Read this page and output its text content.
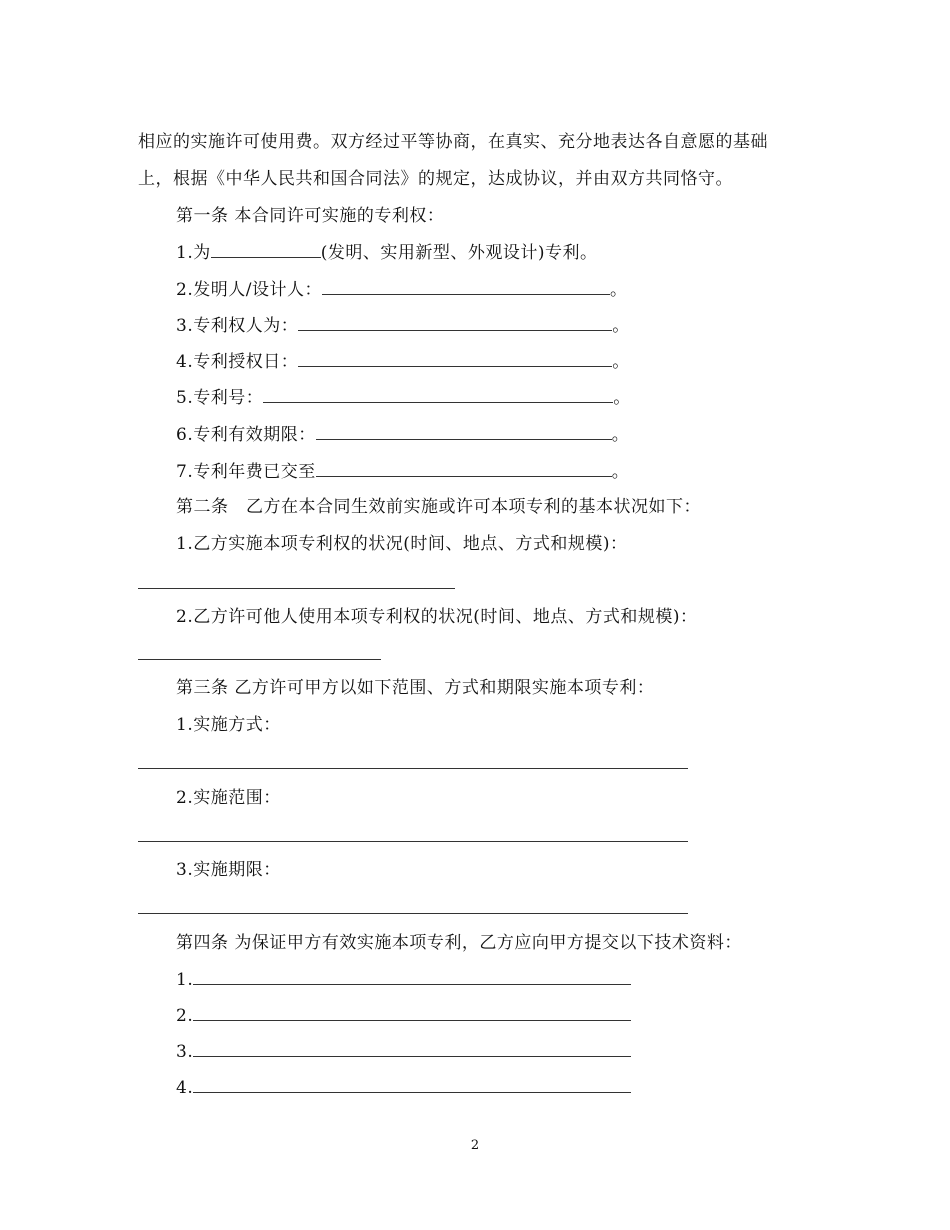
相应的实施许可使用费。双方经过平等协商，在真实、充分地表达各自意愿的基础
上，根据《中华人民共和国合同法》的规定，达成协议，并由双方共同恪守。
第一条 本合同许可实施的专利权：
1.为	(发明、实用新型、外观设计)专利。
2.发明人/设计人：	。
3.专利权人为：	。
4.专利授权日：	。
5.专利号：	。
6.专利有效期限：	。
7.专利年费已交至	。
第二条　乙方在本合同生效前实施或许可本项专利的基本状况如下：
1.乙方实施本项专利权的状况(时间、地点、方式和规模)：
2.乙方许可他人使用本项专利权的状况(时间、地点、方式和规模)：
第三条 乙方许可甲方以如下范围、方式和期限实施本项专利：
1.实施方式：
2.实施范围：
3.实施期限：
第四条 为保证甲方有效实施本项专利，乙方应向甲方提交以下技术资料：
1.
2.
3.
4.
2
